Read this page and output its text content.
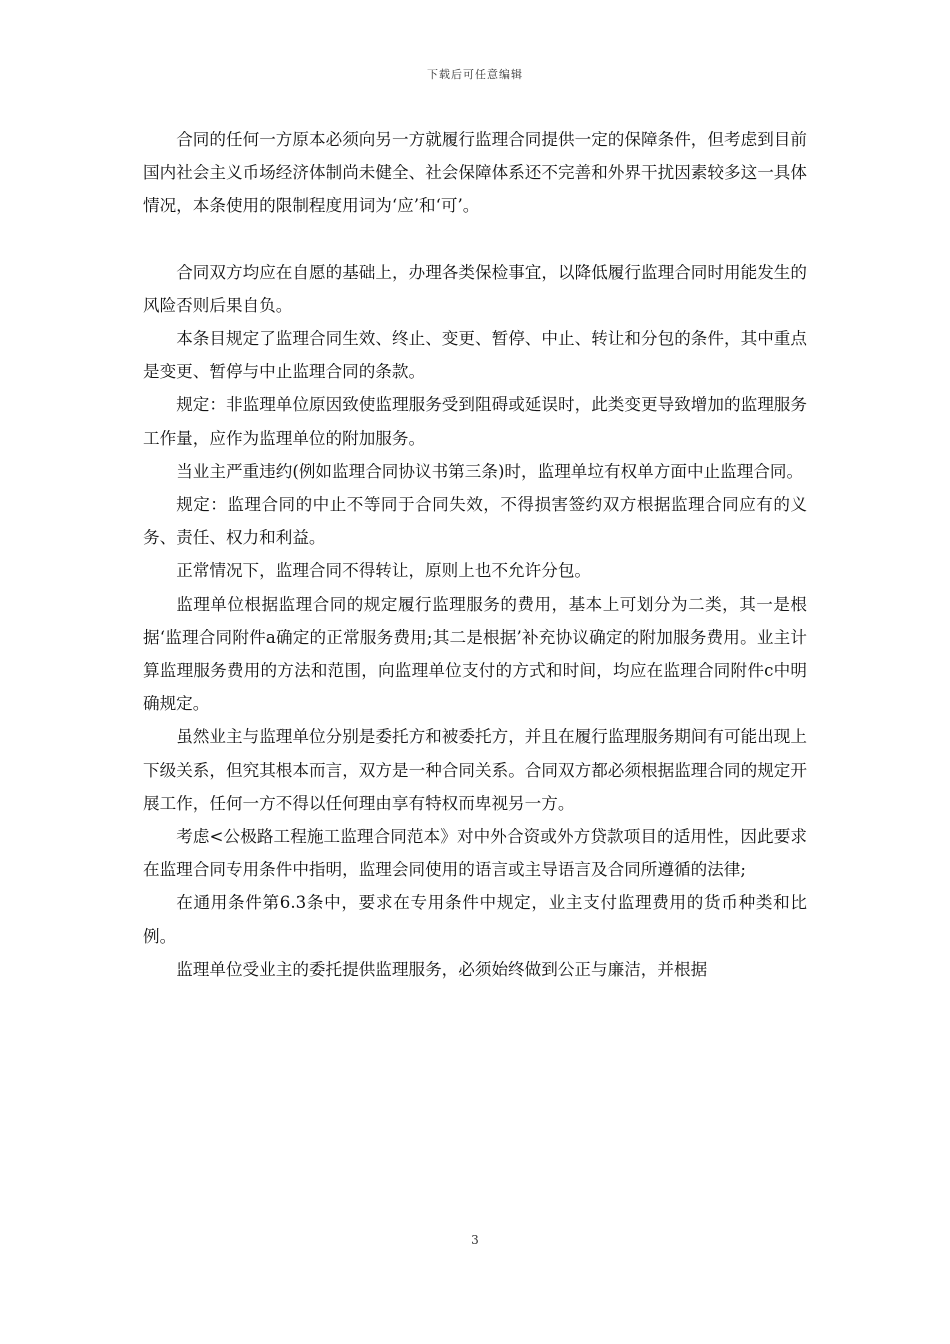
下载后可任意编辑

合同的任何一方原本必须向另一方就履行监理合同提供一定的保障条件，但考虑到目前国内社会主义币场经济体制尚未健全、社会保障体系还不完善和外界干扰因素较多这一具体情况，本条使用的限制程度用词为‘应’和‘可’。

合同双方均应在自愿的基础上，办理各类保检事宜，以降低履行监理合同时用能发生的风险否则后果自负。

本条目规定了监理合同生效、终止、变更、暂停、中止、转让和分包的条件，其中重点是变更、暂停与中止监理合同的条款。

规定：非监理单位原因致使监理服务受到阻碍或延误时，此类变更导致增加的监理服务工作量，应作为监理单位的附加服务。

当业主严重违约(例如监理合同协议书第三条)时，监理单垃有权单方面中止监理合同。

规定：监理合同的中止不等同于合同失效，不得损害签约双方根据监理合同应有的义务、责任、权力和利益。

正常情况下，监理合同不得转让，原则上也不允许分包。

监理单位根据监理合同的规定履行监理服务的费用，基本上可划分为二类，其一是根据‘监理合同附件a确定的正常服务费用;其二是根据’补充协议确定的附加服务费用。业主计算监理服务费用的方法和范围，向监理单位支付的方式和时间，均应在监理合同附件c中明确规定。

虽然业主与监理单位分别是委托方和被委托方，并且在履行监理服务期间有可能出现上下级关系，但究其根本而言，双方是一种合同关系。合同双方都必须根据监理合同的规定开展工作，任何一方不得以任何理由享有特权而卑视另一方。

考虑<公极路工程施工监理合同范本》对中外合资或外方贷款项目的适用性，因此要求在监理合同专用条件中指明，监理会同使用的语言或主导语言及合同所遵循的法律;

在通用条件第6.3条中，要求在专用条件中规定，业主支付监理费用的货币种类和比例。

监理单位受业主的委托提供监理服务，必须始终做到公正与廉洁，并根据

3
